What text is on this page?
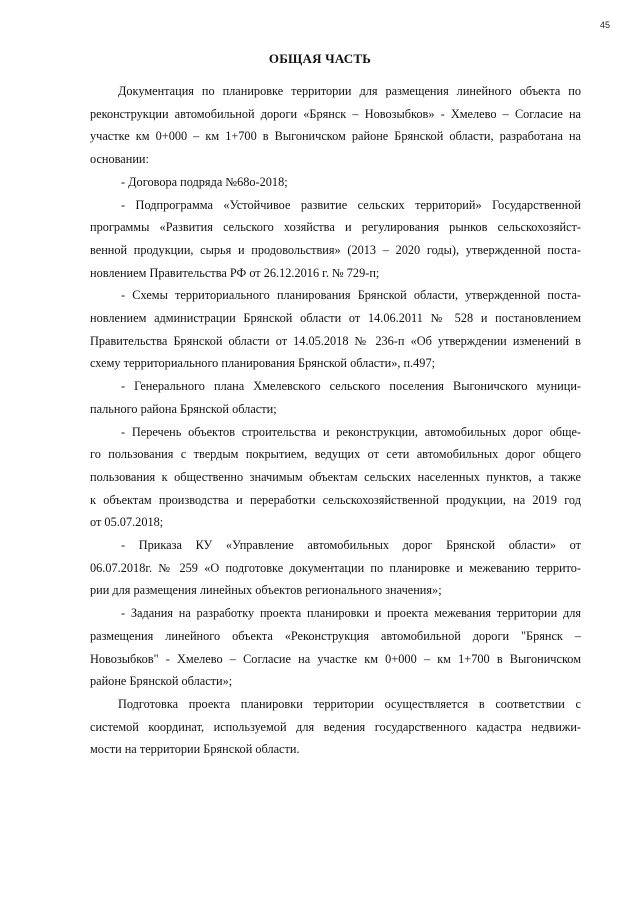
45
ОБЩАЯ ЧАСТЬ
Документация по планировке территории для размещения линейного объекта по
реконструкции автомобильной дороги «Брянск – Новозыбков» - Хмелево – Согласие на
участке км 0+000 – км 1+700 в Выгоничском районе Брянской области, разработана на
основании:
- Договора подряда №68о-2018;
- Подпрограмма «Устойчивое развитие сельских территорий» Государственной
программы «Развития сельского хозяйства и регулирования рынков сельскохозяйст-
венной продукции, сырья и продовольствия» (2013 – 2020 годы), утвержденной поста-
новлением Правительства РФ от 26.12.2016 г. № 729-п;
- Схемы территориального планирования Брянской области, утвержденной поста-
новлением администрации Брянской области от 14.06.2011 № 528 и постановлением
Правительства Брянской области от 14.05.2018 № 236-п «Об утверждении изменений в
схему территориального планирования Брянской области», п.497;
- Генерального плана Хмелевского сельского поселения Выгоничского муници-
пального района Брянской области;
- Перечень объектов строительства и реконструкции, автомобильных дорог обще-
го пользования с твердым покрытием, ведущих от сети автомобильных дорог общего
пользования к общественно значимым объектам сельских населенных пунктов, а также
к объектам производства и переработки сельскохозяйственной продукции, на 2019 год
от 05.07.2018;
- Приказа КУ «Управление автомобильных дорог Брянской области» от
06.07.2018г. № 259 «О подготовке документации по планировке и межеванию террито-
рии для размещения линейных объектов регионального значения»;
- Задания на разработку проекта планировки и проекта межевания территории для
размещения линейного объекта «Реконструкция автомобильной дороги "Брянск –
Новозыбков" - Хмелево – Согласие на участке км 0+000 – км 1+700 в Выгоничском
районе Брянской области»;
Подготовка проекта планировки территории осуществляется в соответствии с
системой координат, используемой для ведения государственного кадастра недвижи-
мости на территории Брянской области.
